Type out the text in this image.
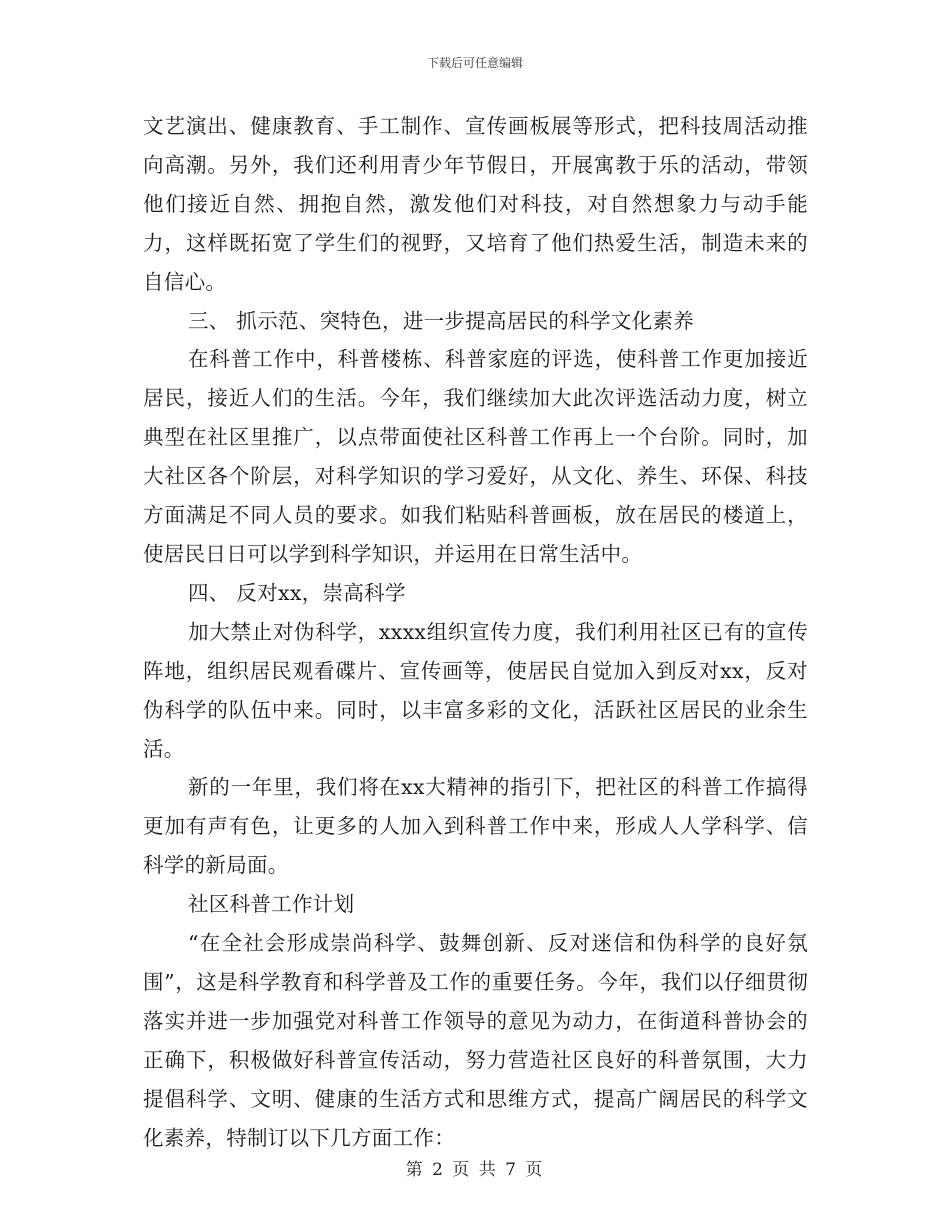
下载后可任意编辑

文艺演出、健康教育、手工制作、宣传画板展等形式，把科技周活动推向高潮。另外，我们还利用青少年节假日，开展寓教于乐的活动，带领他们接近自然、拥抱自然，激发他们对科技，对自然想象力与动手能力，这样既拓宽了学生们的视野，又培育了他们热爱生活，制造未来的自信心。

三、 抓示范、突特色，进一步提高居民的科学文化素养

在科普工作中，科普楼栋、科普家庭的评选，使科普工作更加接近居民，接近人们的生活。今年，我们继续加大此次评选活动力度，树立典型在社区里推广，以点带面使社区科普工作再上一个台阶。同时，加大社区各个阶层，对科学知识的学习爱好，从文化、养生、环保、科技方面满足不同人员的要求。如我们粘贴科普画板，放在居民的楼道上，使居民日日可以学到科学知识，并运用在日常生活中。

四、 反对xx，崇高科学

加大禁止对伪科学，xxxx组织宣传力度，我们利用社区已有的宣传阵地，组织居民观看碟片、宣传画等，使居民自觉加入到反对xx，反对伪科学的队伍中来。同时，以丰富多彩的文化，活跃社区居民的业余生活。

新的一年里，我们将在xx大精神的指引下，把社区的科普工作搞得更加有声有色，让更多的人加入到科普工作中来，形成人人学科学、信科学的新局面。

社区科普工作计划

“在全社会形成崇尚科学、鼓舞创新、反对迷信和伪科学的良好氛围”，这是科学教育和科学普及工作的重要任务。今年，我们以仔细贯彻落实并进一步加强党对科普工作领导的意见为动力，在街道科普协会的正确下，积极做好科普宣传活动，努力营造社区良好的科普氛围，大力提倡科学、文明、健康的生活方式和思维方式，提高广阔居民的科学文化素养，特制订以下几方面工作：

第 2 页 共 7 页
